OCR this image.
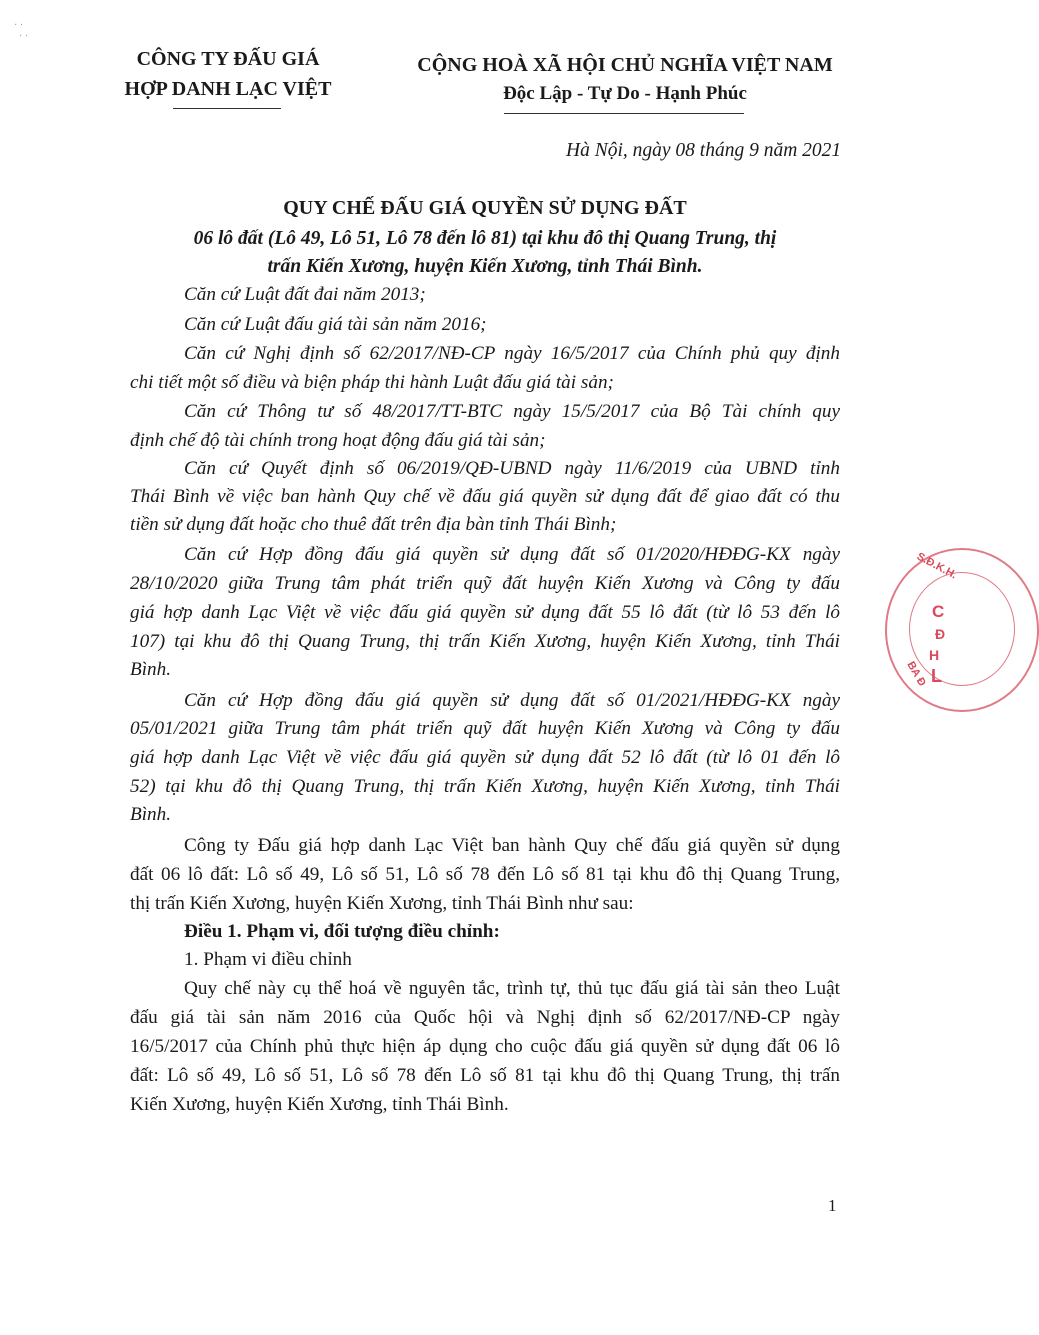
CÔNG TY ĐẤU GIÁ
HỢP DANH LẠC VIỆT
CỘNG HOÀ XÃ HỘI CHỦ NGHĨA VIỆT NAM
Độc Lập - Tự Do - Hạnh Phúc
· ·
· ·
Hà Nội, ngày 08 tháng 9 năm 2021
QUY CHẾ ĐẤU GIÁ QUYỀN SỬ DỤNG ĐẤT
06 lô đất (Lô 49, Lô 51, Lô 78 đến lô 81) tại khu đô thị Quang Trung, thị
trấn Kiến Xương, huyện Kiến Xương, tỉnh Thái Bình.
Căn cứ Luật đất đai năm 2013;
Căn cứ Luật đấu giá tài sản năm 2016;
Căn cứ Nghị định số 62/2017/NĐ-CP ngày 16/5/2017 của Chính phủ quy định
chi tiết một số điều và biện pháp thi hành Luật đấu giá tài sản;
Căn cứ Thông tư số 48/2017/TT-BTC ngày 15/5/2017 của Bộ Tài chính quy
định chế độ tài chính trong hoạt động đấu giá tài sản;
Căn cứ Quyết định số 06/2019/QĐ-UBND ngày 11/6/2019 của UBND tỉnh
Thái Bình về việc ban hành Quy chế về đấu giá quyền sử dụng đất để giao đất có thu
tiền sử dụng đất hoặc cho thuê đất trên địa bàn tỉnh Thái Bình;
Căn cứ Hợp đồng đấu giá quyền sử dụng đất số 01/2020/HĐĐG-KX ngày
28/10/2020 giữa Trung tâm phát triển quỹ đất huyện Kiến Xương và Công ty đấu
giá hợp danh Lạc Việt về việc đấu giá quyền sử dụng đất 55 lô đất (từ lô 53 đến lô
107) tại khu đô thị Quang Trung, thị trấn Kiến Xương, huyện Kiến Xương, tỉnh Thái
Bình.
Căn cứ Hợp đồng đấu giá quyền sử dụng đất số 01/2021/HĐĐG-KX ngày
05/01/2021 giữa Trung tâm phát triển quỹ đất huyện Kiến Xương và Công ty đấu
giá hợp danh Lạc Việt về việc đấu giá quyền sử dụng đất 52 lô đất (từ lô 01 đến lô
52) tại khu đô thị Quang Trung, thị trấn Kiến Xương, huyện Kiến Xương, tỉnh Thái
Bình.
Công ty Đấu giá hợp danh Lạc Việt ban hành Quy chế đấu giá quyền sử dụng
đất 06 lô đất: Lô số 49, Lô số 51, Lô số 78 đến Lô số 81 tại khu đô thị Quang Trung,
thị trấn Kiến Xương, huyện Kiến Xương, tỉnh Thái Bình như sau:
Điều 1. Phạm vi, đối tượng điều chỉnh:
1. Phạm vi điều chỉnh
Quy chế này cụ thể hoá về nguyên tắc, trình tự, thủ tục đấu giá tài sản theo Luật
đấu giá tài sản năm 2016 của Quốc hội và Nghị định số 62/2017/NĐ-CP ngày
16/5/2017 của Chính phủ thực hiện áp dụng cho cuộc đấu giá quyền sử dụng đất 06 lô
đất: Lô số 49, Lô số 51, Lô số 78 đến Lô số 81 tại khu đô thị Quang Trung, thị trấn
Kiến Xương, huyện Kiến Xương, tỉnh Thái Bình.
1
S.Đ.K.H.
BA Đ
C
Đ
H
L
